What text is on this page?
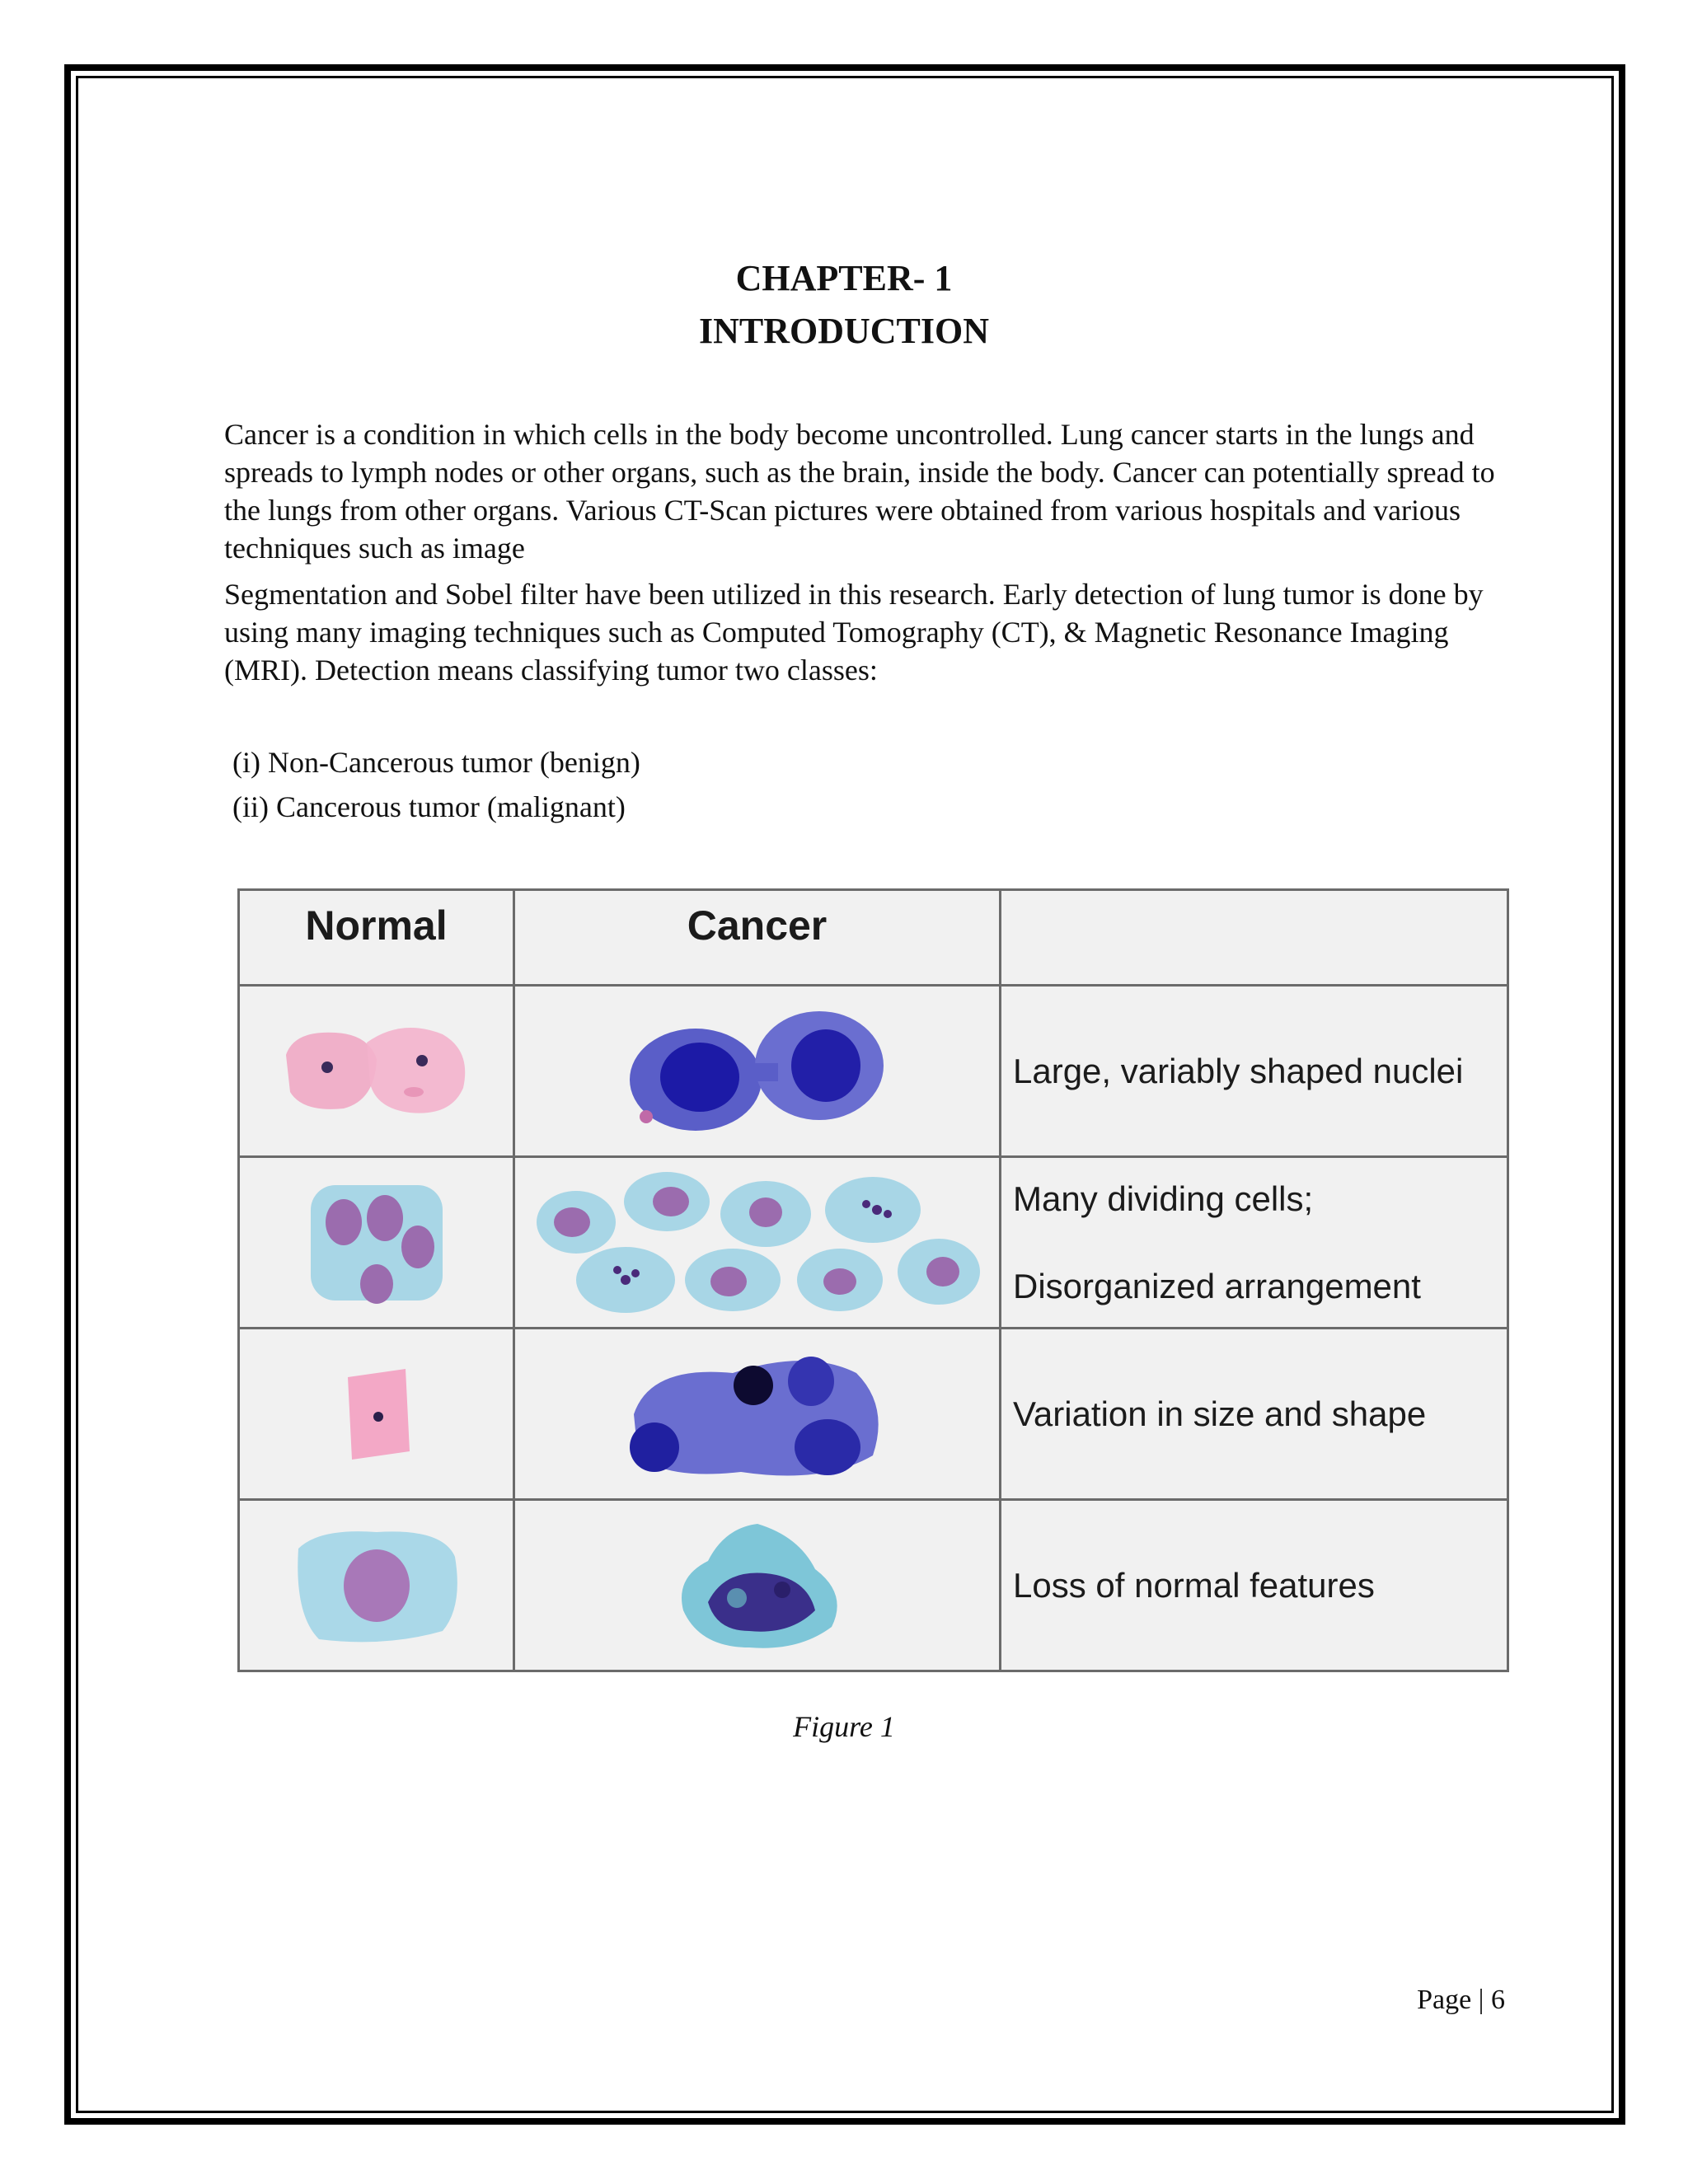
CHAPTER- 1
INTRODUCTION
Cancer is a condition in which cells in the body become uncontrolled. Lung cancer starts in the lungs and spreads to lymph nodes or other organs, such as the brain, inside the body. Cancer can potentially spread to the lungs from other organs. Various CT-Scan pictures were obtained from various hospitals and various techniques such as image
Segmentation and Sobel filter have been utilized in this research. Early detection of lung tumor is done by using many imaging techniques such as Computed Tomography (CT), & Magnetic Resonance Imaging (MRI). Detection means classifying tumor two classes:
(i) Non-Cancerous tumor (benign)
(ii) Cancerous tumor (malignant)
Normal	Cancer	

Large, variably shaped nuclei

Many dividing cells;
Disorganized arrangement

Variation in size and shape

Loss of normal features
Figure 1
Page | 6
